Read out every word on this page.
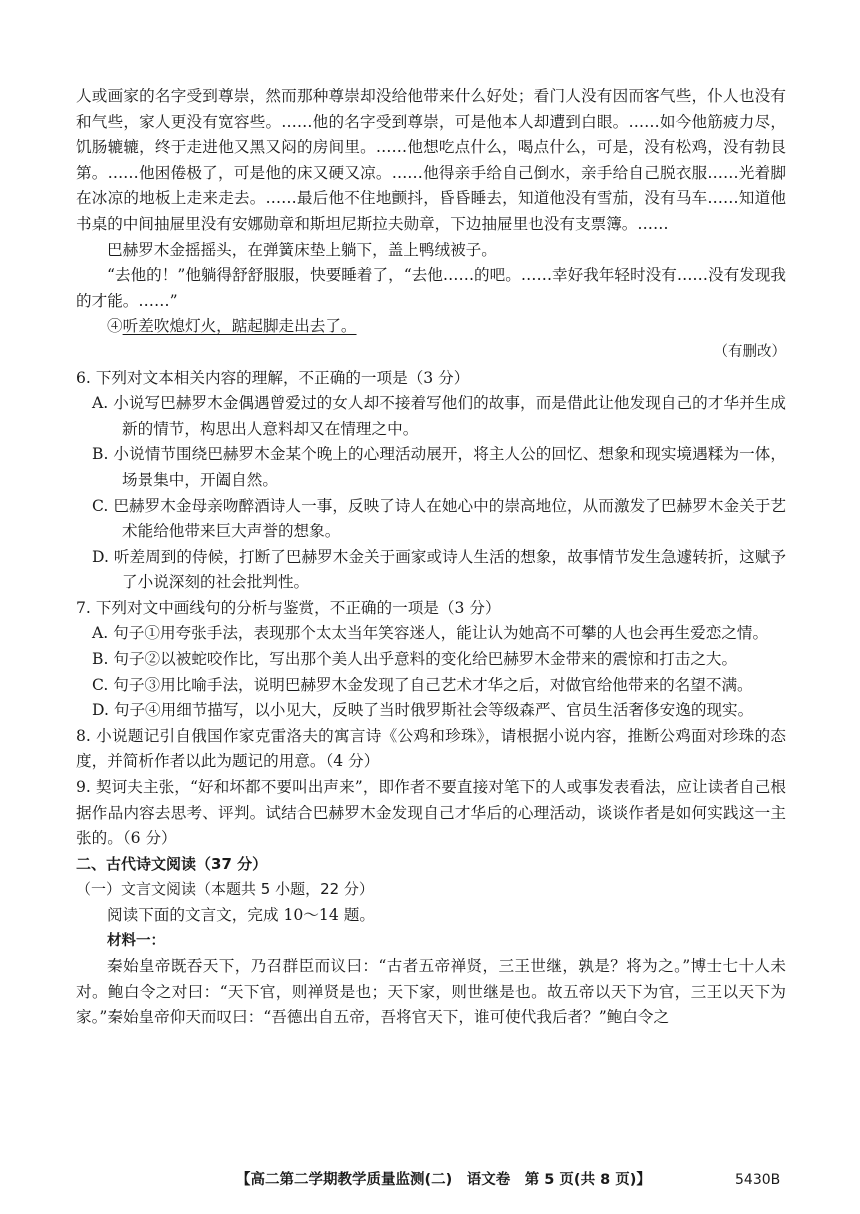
人或画家的名字受到尊崇，然而那种尊崇却没给他带来什么好处；看门人没有因而客气些，仆人也没有和气些，家人更没有宽容些。……他的名字受到尊崇，可是他本人却遭到白眼。……如今他筋疲力尽，饥肠辘辘，终于走进他又黑又闷的房间里。……他想吃点什么，喝点什么，可是，没有松鸡，没有勃艮第。……他困倦极了，可是他的床又硬又凉。……他得亲手给自己倒水，亲手给自己脱衣服……光着脚在冰凉的地板上走来走去。……最后他不住地颤抖，昏昏睡去，知道他没有雪茄，没有马车……知道他书桌的中间抽屉里没有安娜勋章和斯坦尼斯拉夫勋章，下边抽屉里也没有支票簿。……

巴赫罗木金摇摇头，在弹簧床垫上躺下，盖上鸭绒被子。

“去他的！”他躺得舒舒服服，快要睡着了，“去他……的吧。……幸好我年轻时没有……没有发现我的才能。……”

④听差吹熄灯火，踮起脚走出去了。

（有删改）

6. 下列对文本相关内容的理解，不正确的一项是（3 分）

A. 小说写巴赫罗木金偶遇曾爱过的女人却不接着写他们的故事，而是借此让他发现自己的才华并生成新的情节，构思出人意料却又在情理之中。

B. 小说情节围绕巴赫罗木金某个晚上的心理活动展开，将主人公的回忆、想象和现实境遇糅为一体，场景集中，开阖自然。

C. 巴赫罗木金母亲吻醉酒诗人一事，反映了诗人在她心中的崇高地位，从而激发了巴赫罗木金关于艺术能给他带来巨大声誉的想象。

D. 听差周到的侍候，打断了巴赫罗木金关于画家或诗人生活的想象，故事情节发生急遽转折，这赋予了小说深刻的社会批判性。

7. 下列对文中画线句的分析与鉴赏，不正确的一项是（3 分）

A. 句子①用夸张手法，表现那个太太当年笑容迷人，能让认为她高不可攀的人也会再生爱恋之情。

B. 句子②以被蛇咬作比，写出那个美人出乎意料的变化给巴赫罗木金带来的震惊和打击之大。

C. 句子③用比喻手法，说明巴赫罗木金发现了自己艺术才华之后，对做官给他带来的名望不满。

D. 句子④用细节描写，以小见大，反映了当时俄罗斯社会等级森严、官员生活奢侈安逸的现实。

8. 小说题记引自俄国作家克雷洛夫的寓言诗《公鸡和珍珠》，请根据小说内容，推断公鸡面对珍珠的态度，并简析作者以此为题记的用意。（4 分）

9. 契诃夫主张，“好和坏都不要叫出声来”，即作者不要直接对笔下的人或事发表看法，应让读者自己根据作品内容去思考、评判。试结合巴赫罗木金发现自己才华后的心理活动，谈谈作者是如何实践这一主张的。（6 分）

二、古代诗文阅读（37 分）

（一）文言文阅读（本题共 5 小题，22 分）

阅读下面的文言文，完成 10～14 题。

材料一：

秦始皇帝既吞天下，乃召群臣而议曰：“古者五帝禅贤，三王世继，孰是？将为之。”博士七十人未对。鲍白令之对曰：“天下官，则禅贤是也；天下家，则世继是也。故五帝以天下为官，三王以天下为家。”秦始皇帝仰天而叹曰：“吾德出自五帝，吾将官天下，谁可使代我后者？”鲍白令之

【高二第二学期教学质量监测(二)　语文卷　第 5 页(共 8 页)】	5430B
